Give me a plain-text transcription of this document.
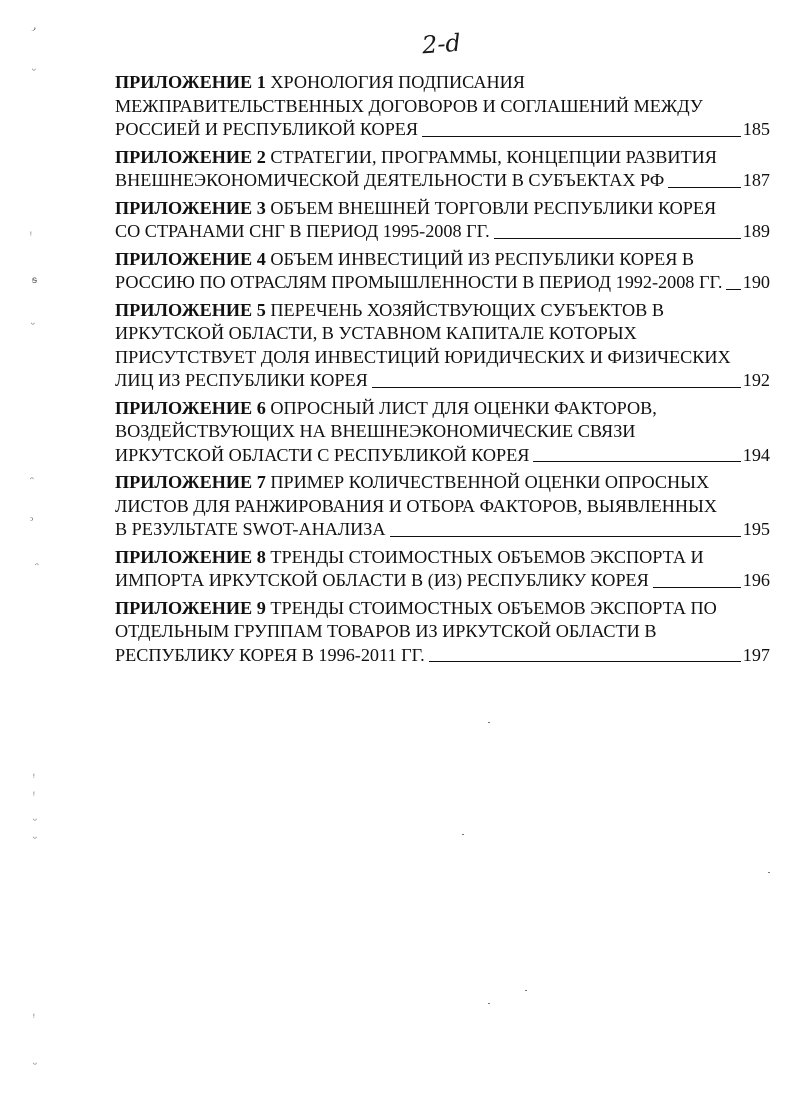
2-d
ПРИЛОЖЕНИЕ 1
ХРОНОЛОГИЯ ПОДПИСАНИЯ
МЕЖПРАВИТЕЛЬСТВЕННЫХ ДОГОВОРОВ И СОГЛАШЕНИЙ МЕЖДУ
РОССИЕЙ И РЕСПУБЛИКОЙ КОРЕЯ	185
ПРИЛОЖЕНИЕ 2
СТРАТЕГИИ, ПРОГРАММЫ, КОНЦЕПЦИИ РАЗВИТИЯ
ВНЕШНЕЭКОНОМИЧЕСКОЙ ДЕЯТЕЛЬНОСТИ В СУБЪЕКТАХ РФ	187
ПРИЛОЖЕНИЕ 3
ОБЪЕМ ВНЕШНЕЙ ТОРГОВЛИ РЕСПУБЛИКИ КОРЕЯ
СО СТРАНАМИ СНГ В ПЕРИОД 1995-2008 ГГ.	189
ПРИЛОЖЕНИЕ 4
ОБЪЕМ ИНВЕСТИЦИЙ ИЗ РЕСПУБЛИКИ КОРЕЯ В
РОССИЮ ПО ОТРАСЛЯМ ПРОМЫШЛЕННОСТИ В ПЕРИОД 1992-2008 ГГ. 190
ПРИЛОЖЕНИЕ 5
ПЕРЕЧЕНЬ ХОЗЯЙСТВУЮЩИХ СУБЪЕКТОВ В
ИРКУТСКОЙ ОБЛАСТИ, В УСТАВНОМ КАПИТАЛЕ КОТОРЫХ
ПРИСУТСТВУЕТ ДОЛЯ ИНВЕСТИЦИЙ ЮРИДИЧЕСКИХ И ФИЗИЧЕСКИХ
ЛИЦ ИЗ РЕСПУБЛИКИ КОРЕЯ	192
ПРИЛОЖЕНИЕ 6
ОПРОСНЫЙ ЛИСТ ДЛЯ ОЦЕНКИ ФАКТОРОВ,
ВОЗДЕЙСТВУЮЩИХ НА ВНЕШНЕЭКОНОМИЧЕСКИЕ СВЯЗИ
ИРКУТСКОЙ ОБЛАСТИ С РЕСПУБЛИКОЙ КОРЕЯ	194
ПРИЛОЖЕНИЕ 7
ПРИМЕР КОЛИЧЕСТВЕННОЙ ОЦЕНКИ ОПРОСНЫХ
ЛИСТОВ ДЛЯ РАНЖИРОВАНИЯ И ОТБОРА ФАКТОРОВ, ВЫЯВЛЕННЫХ
В РЕЗУЛЬТАТЕ SWOT-АНАЛИЗА	195
ПРИЛОЖЕНИЕ 8
ТРЕНДЫ СТОИМОСТНЫХ ОБЪЕМОВ ЭКСПОРТА И
ИМПОРТА ИРКУТСКОЙ ОБЛАСТИ В (ИЗ) РЕСПУБЛИКУ КОРЕЯ	196
ПРИЛОЖЕНИЕ 9
ТРЕНДЫ СТОИМОСТНЫХ ОБЪЕМОВ ЭКСПОРТА ПО
ОТДЕЛЬНЫМ ГРУППАМ ТОВАРОВ ИЗ ИРКУТСКОЙ ОБЛАСТИ В
РЕСПУБЛИКУ КОРЕЯ В 1996-2011 ГГ.	197
᎕
ᵕ
ᵎ
ᵴ
ᵕ
ᵔ
ᵓ
ᵔ
ᵎ
ᵎ
ᵕ
ᵕ
ᵎ
ᵕ
